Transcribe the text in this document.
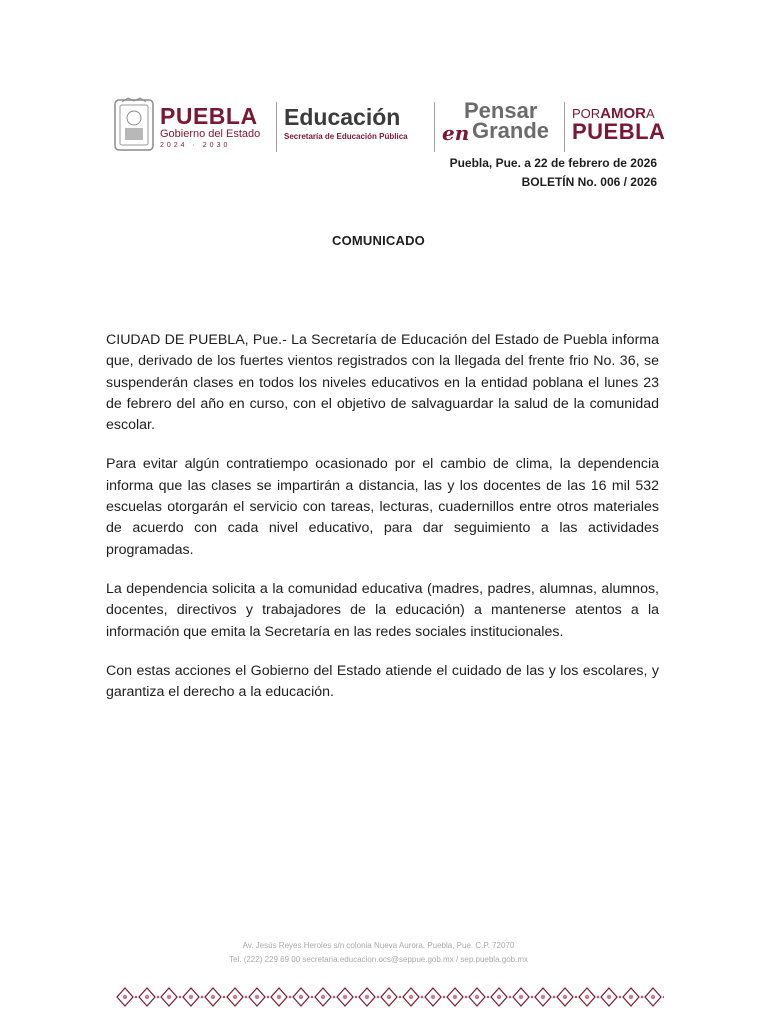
PUEBLA
Gobierno del Estado
2024 · 2030
Educación
Secretaría de Educación Pública
Pensar
en Grande
PORAMORA
PUEBLA
Puebla, Pue. a 22 de febrero de 2026
BOLETÍN No. 006 / 2026
COMUNICADO

CIUDAD DE PUEBLA, Pue.- La Secretaría de Educación del Estado de Puebla informa que, derivado de los fuertes vientos registrados con la llegada del frente frio No. 36, se suspenderán clases en todos los niveles educativos en la entidad poblana el lunes 23 de febrero del año en curso, con el objetivo de salvaguardar la salud de la comunidad escolar.

Para evitar algún contratiempo ocasionado por el cambio de clima, la dependencia informa que las clases se impartirán a distancia, las y los docentes de las 16 mil 532 escuelas otorgarán el servicio con tareas, lecturas, cuadernillos entre otros materiales de acuerdo con cada nivel educativo, para dar seguimiento a las actividades programadas.

La dependencia solicita a la comunidad educativa (madres, padres, alumnas, alumnos, docentes, directivos y trabajadores de la educación) a mantenerse atentos a la información que emita la Secretaría en las redes sociales institucionales.

Con estas acciones el Gobierno del Estado atiende el cuidado de las y los escolares, y garantiza el derecho a la educación.

Av. Jesús Reyes Heroles s/n colonia Nueva Aurora, Puebla, Pue. C.P. 72070
Tel. (222) 229 69 00 secretaria.educacion.ocs@seppue.gob.mx / sep.puebla.gob.mx
